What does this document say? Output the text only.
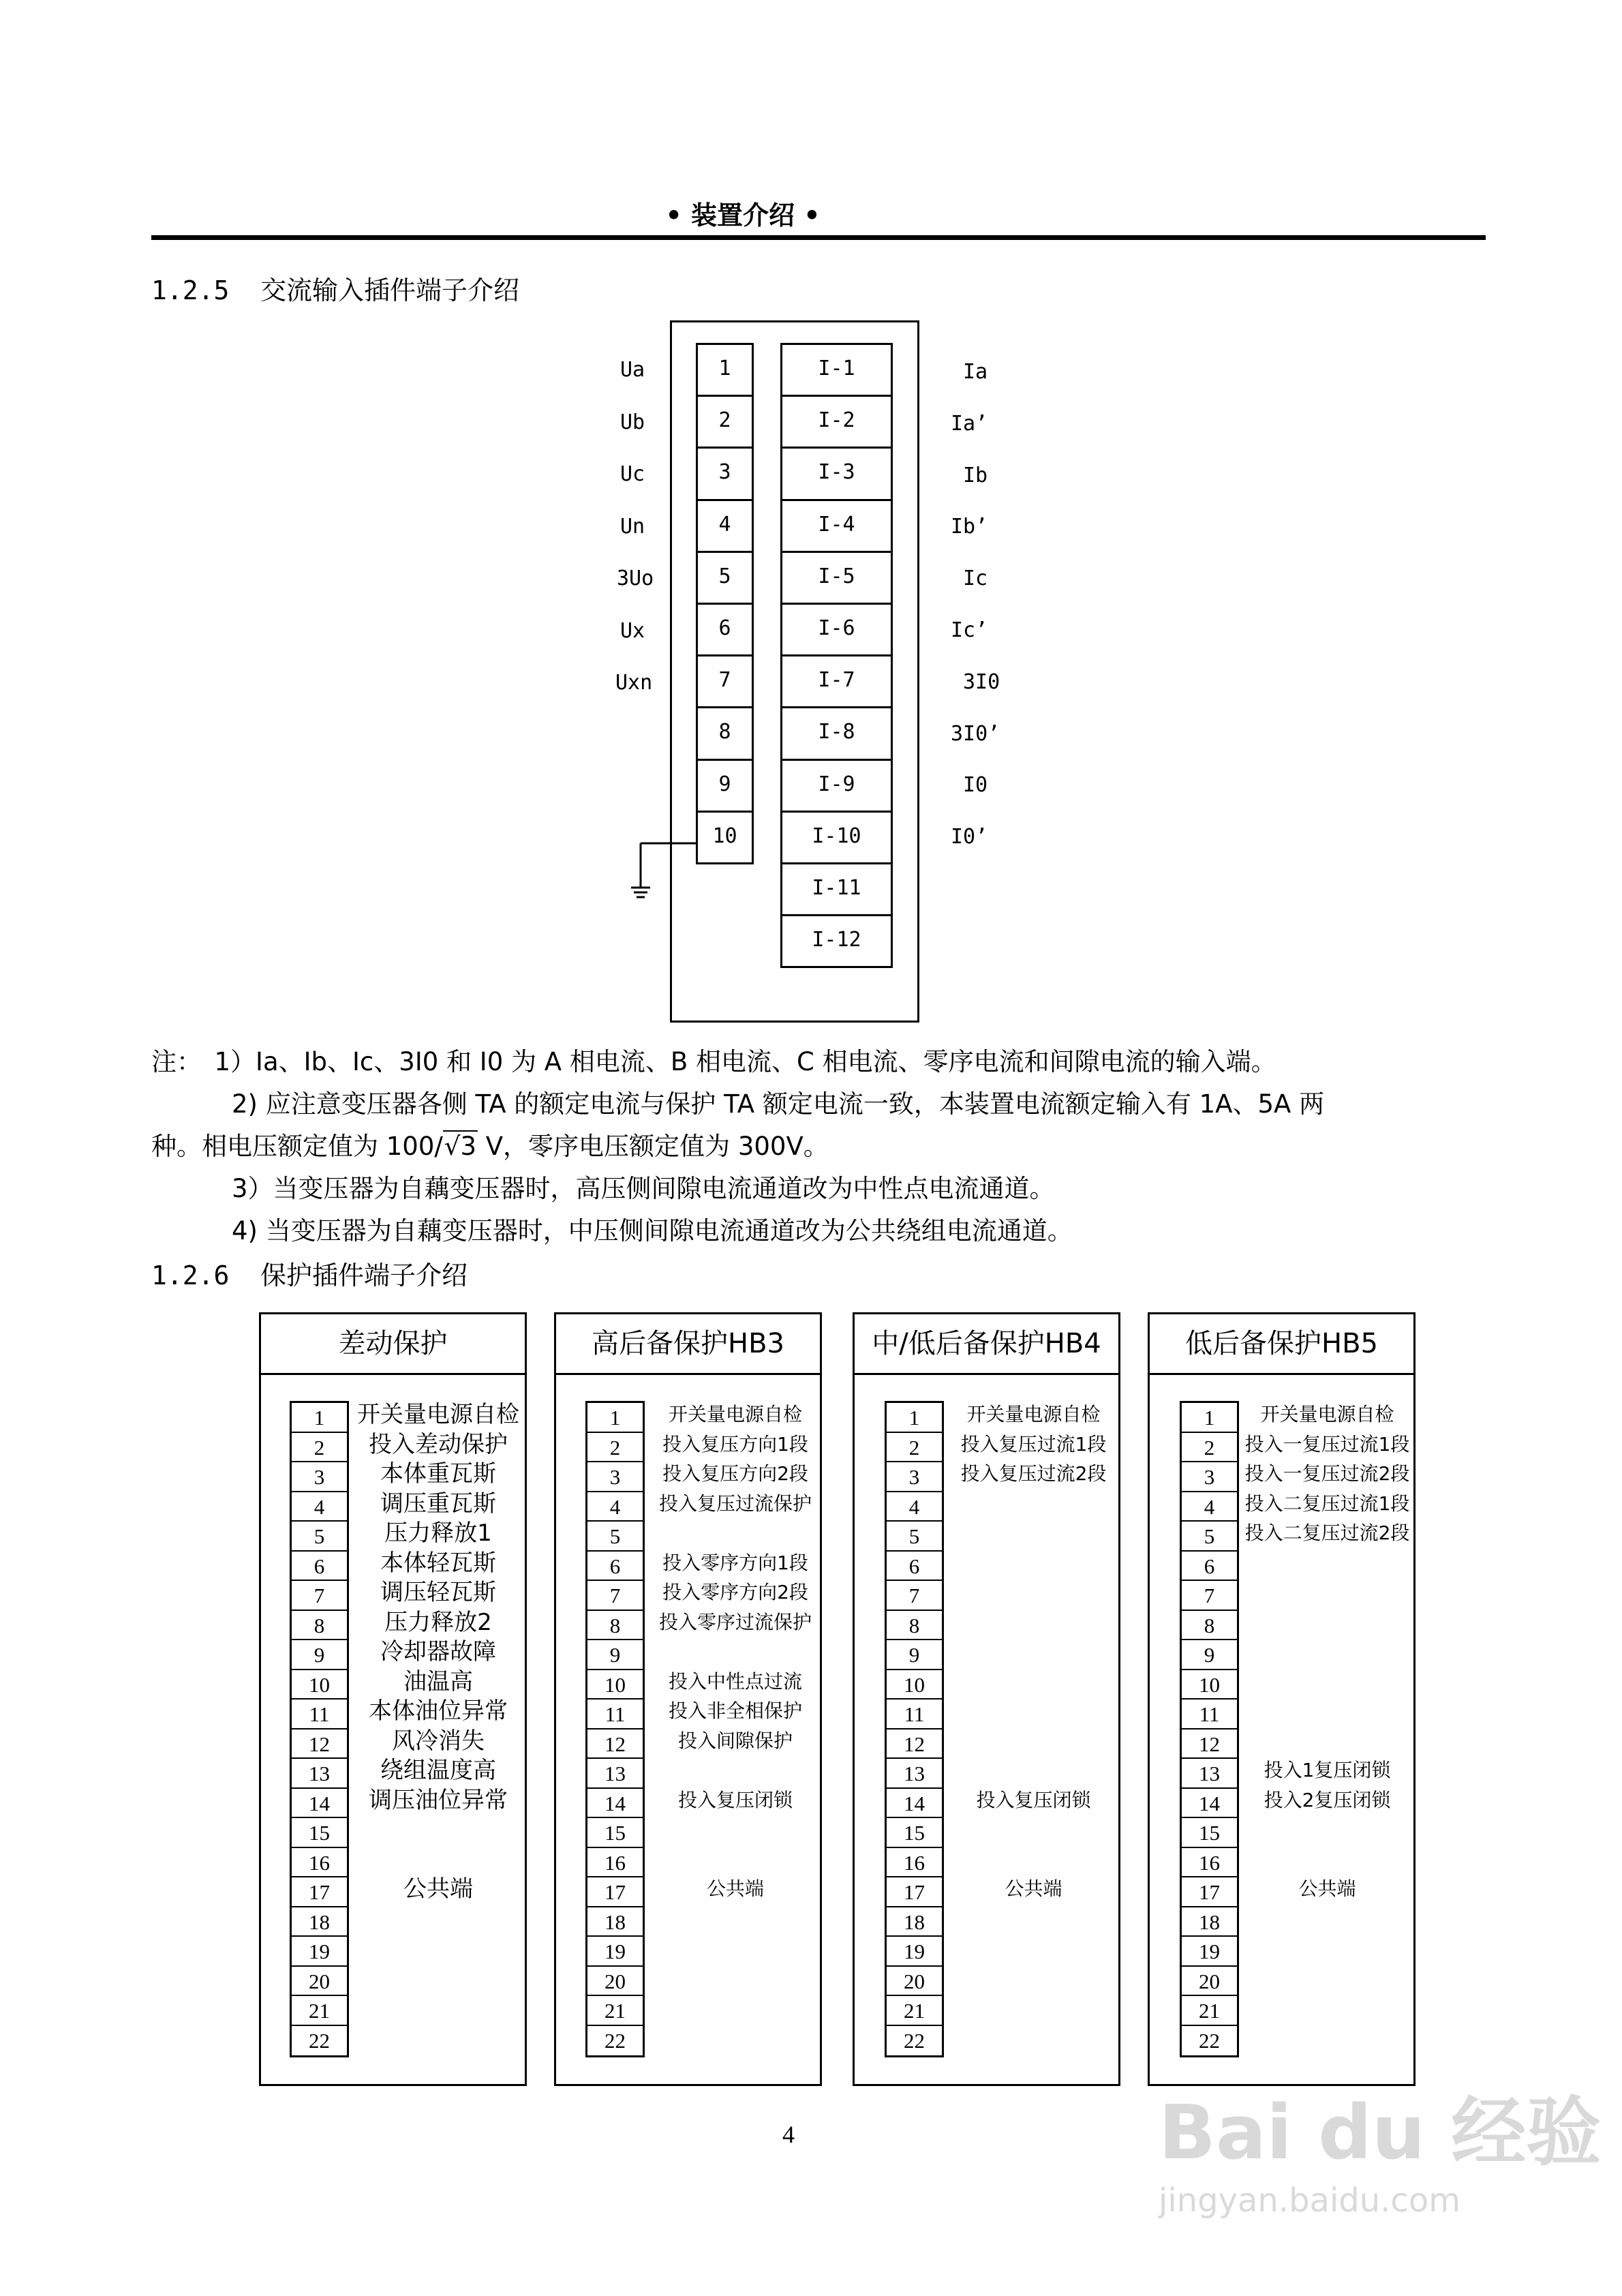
• 装置介绍 •
1.2.5 交流输入插件端子介绍
Ua
Ub
Uc
Un
3Uo
Ux
Uxn
1
2
3
4
5
6
7
8
9
10
I-1
I-2
I-3
I-4
I-5
I-6
I-7
I-8
I-9
I-10
I-11
I-12
Ia
Ia’
Ib
Ib’
Ic
Ic’
3I0
3I0’
I0
I0’
注：　1）Ia、Ib、Ic、3I0 和 I0 为 A 相电流、B 相电流、C 相电流、零序电流和间隙电流的输入端。
2) 应注意变压器各侧 TA 的额定电流与保护 TA 额定电流一致，本装置电流额定输入有 1A、5A 两
种。相电压额定值为 100/√3 V，零序电压额定值为 300V。
3）当变压器为自藕变压器时，高压侧间隙电流通道改为中性点电流通道。
4) 当变压器为自藕变压器时，中压侧间隙电流通道改为公共绕组电流通道。
1.2.6 保护插件端子介绍
差动保护
1
2
3
4
5
6
7
8
9
10
11
12
13
14
15
16
17
18
19
20
21
22
开关量电源自检
投入差动保护
本体重瓦斯
调压重瓦斯
压力释放1
本体轻瓦斯
调压轻瓦斯
压力释放2
冷却器故障
油温高
本体油位异常
风冷消失
绕组温度高
调压油位异常
公共端
高后备保护HB3
1
2
3
4
5
6
7
8
9
10
11
12
13
14
15
16
17
18
19
20
21
22
开关量电源自检
投入复压方向1段
投入复压方向2段
投入复压过流保护
投入零序方向1段
投入零序方向2段
投入零序过流保护
投入中性点过流
投入非全相保护
投入间隙保护
投入复压闭锁
公共端
中/低后备保护HB4
1
2
3
4
5
6
7
8
9
10
11
12
13
14
15
16
17
18
19
20
21
22
开关量电源自检
投入复压过流1段
投入复压过流2段
投入复压闭锁
公共端
低后备保护HB5
1
2
3
4
5
6
7
8
9
10
11
12
13
14
15
16
17
18
19
20
21
22
开关量电源自检
投入一复压过流1段
投入一复压过流2段
投入二复压过流1段
投入二复压过流2段
投入1复压闭锁
投入2复压闭锁
公共端
4	Bai du 经验
jingyan.baidu.com
